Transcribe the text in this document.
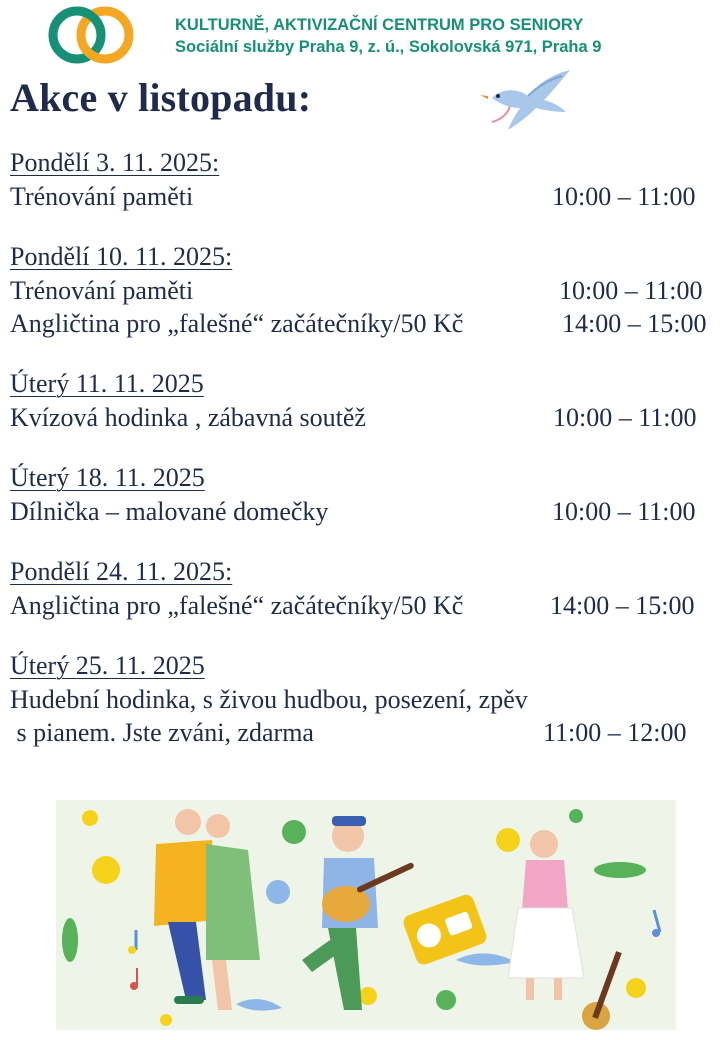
KULTURNĚ, AKTIVIZAČNÍ CENTRUM PRO SENIORY
Sociální služby Praha 9, z. ú., Sokolovská 971, Praha 9
Akce v listopadu:
Pondělí 3. 11. 2025:
Trénování paměti	10:00 – 11:00
Pondělí 10. 11. 2025:
Trénování paměti	10:00 – 11:00
Angličtina pro „falešné“ začátečníky/50 Kč	14:00 – 15:00
Úterý 11. 11. 2025
Kvízová hodinka , zábavná soutěž	10:00 – 11:00
Úterý 18. 11. 2025
Dílnička – malované domečky	10:00 – 11:00
Pondělí 24. 11. 2025:
Angličtina pro „falešné“ začátečníky/50 Kč	14:00 – 15:00
Úterý 25. 11. 2025
Hudební hodinka, s živou hudbou, posezení, zpěv
s pianem. Jste zváni, zdarma	11:00 – 12:00
